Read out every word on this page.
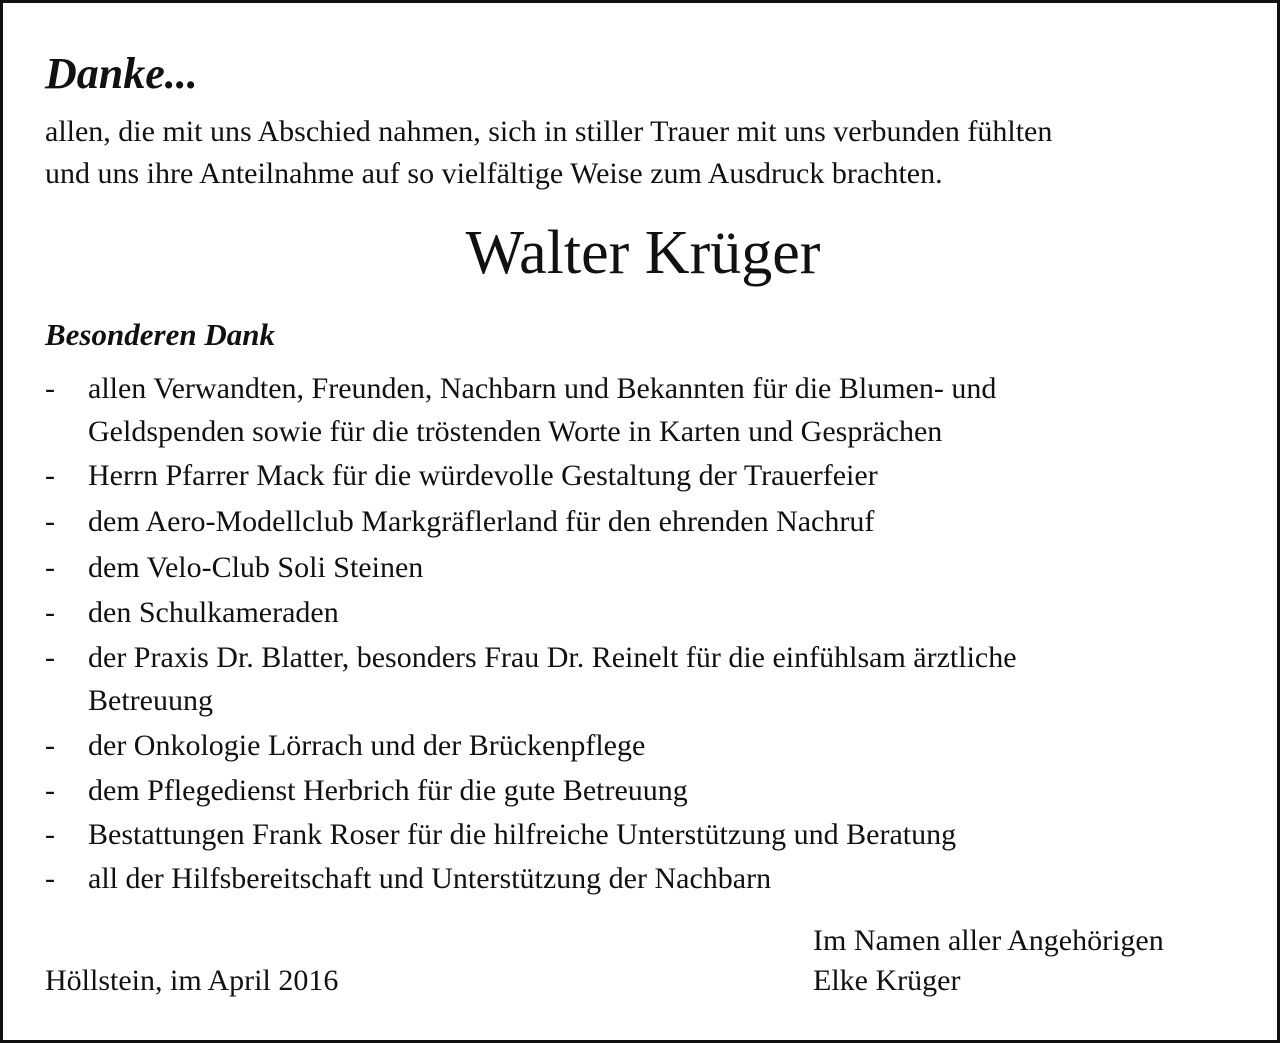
Danke...

allen, die mit uns Abschied nahmen, sich in stiller Trauer mit uns verbunden fühlten
und uns ihre Anteilnahme auf so vielfältige Weise zum Ausdruck brachten.

Walter Krüger
Besonderen Dank
- allen Verwandten, Freunden, Nachbarn und Bekannten für die Blumen- und
Geldspenden sowie für die tröstenden Worte in Karten und Gesprächen
- Herrn Pfarrer Mack für die würdevolle Gestaltung der Trauerfeier
- dem Aero-Modellclub Markgräflerland für den ehrenden Nachruf
- dem Velo-Club Soli Steinen
- den Schulkameraden
- der Praxis Dr. Blatter, besonders Frau Dr. Reinelt für die einfühlsam ärztliche
Betreuung
- der Onkologie Lörrach und der Brückenpflege
- dem Pflegedienst Herbrich für die gute Betreuung
- Bestattungen Frank Roser für die hilfreiche Unterstützung und Beratung
- all der Hilfsbereitschaft und Unterstützung der Nachbarn

Im Namen aller Angehörigen
Elke Krüger

Höllstein, im April 2016
